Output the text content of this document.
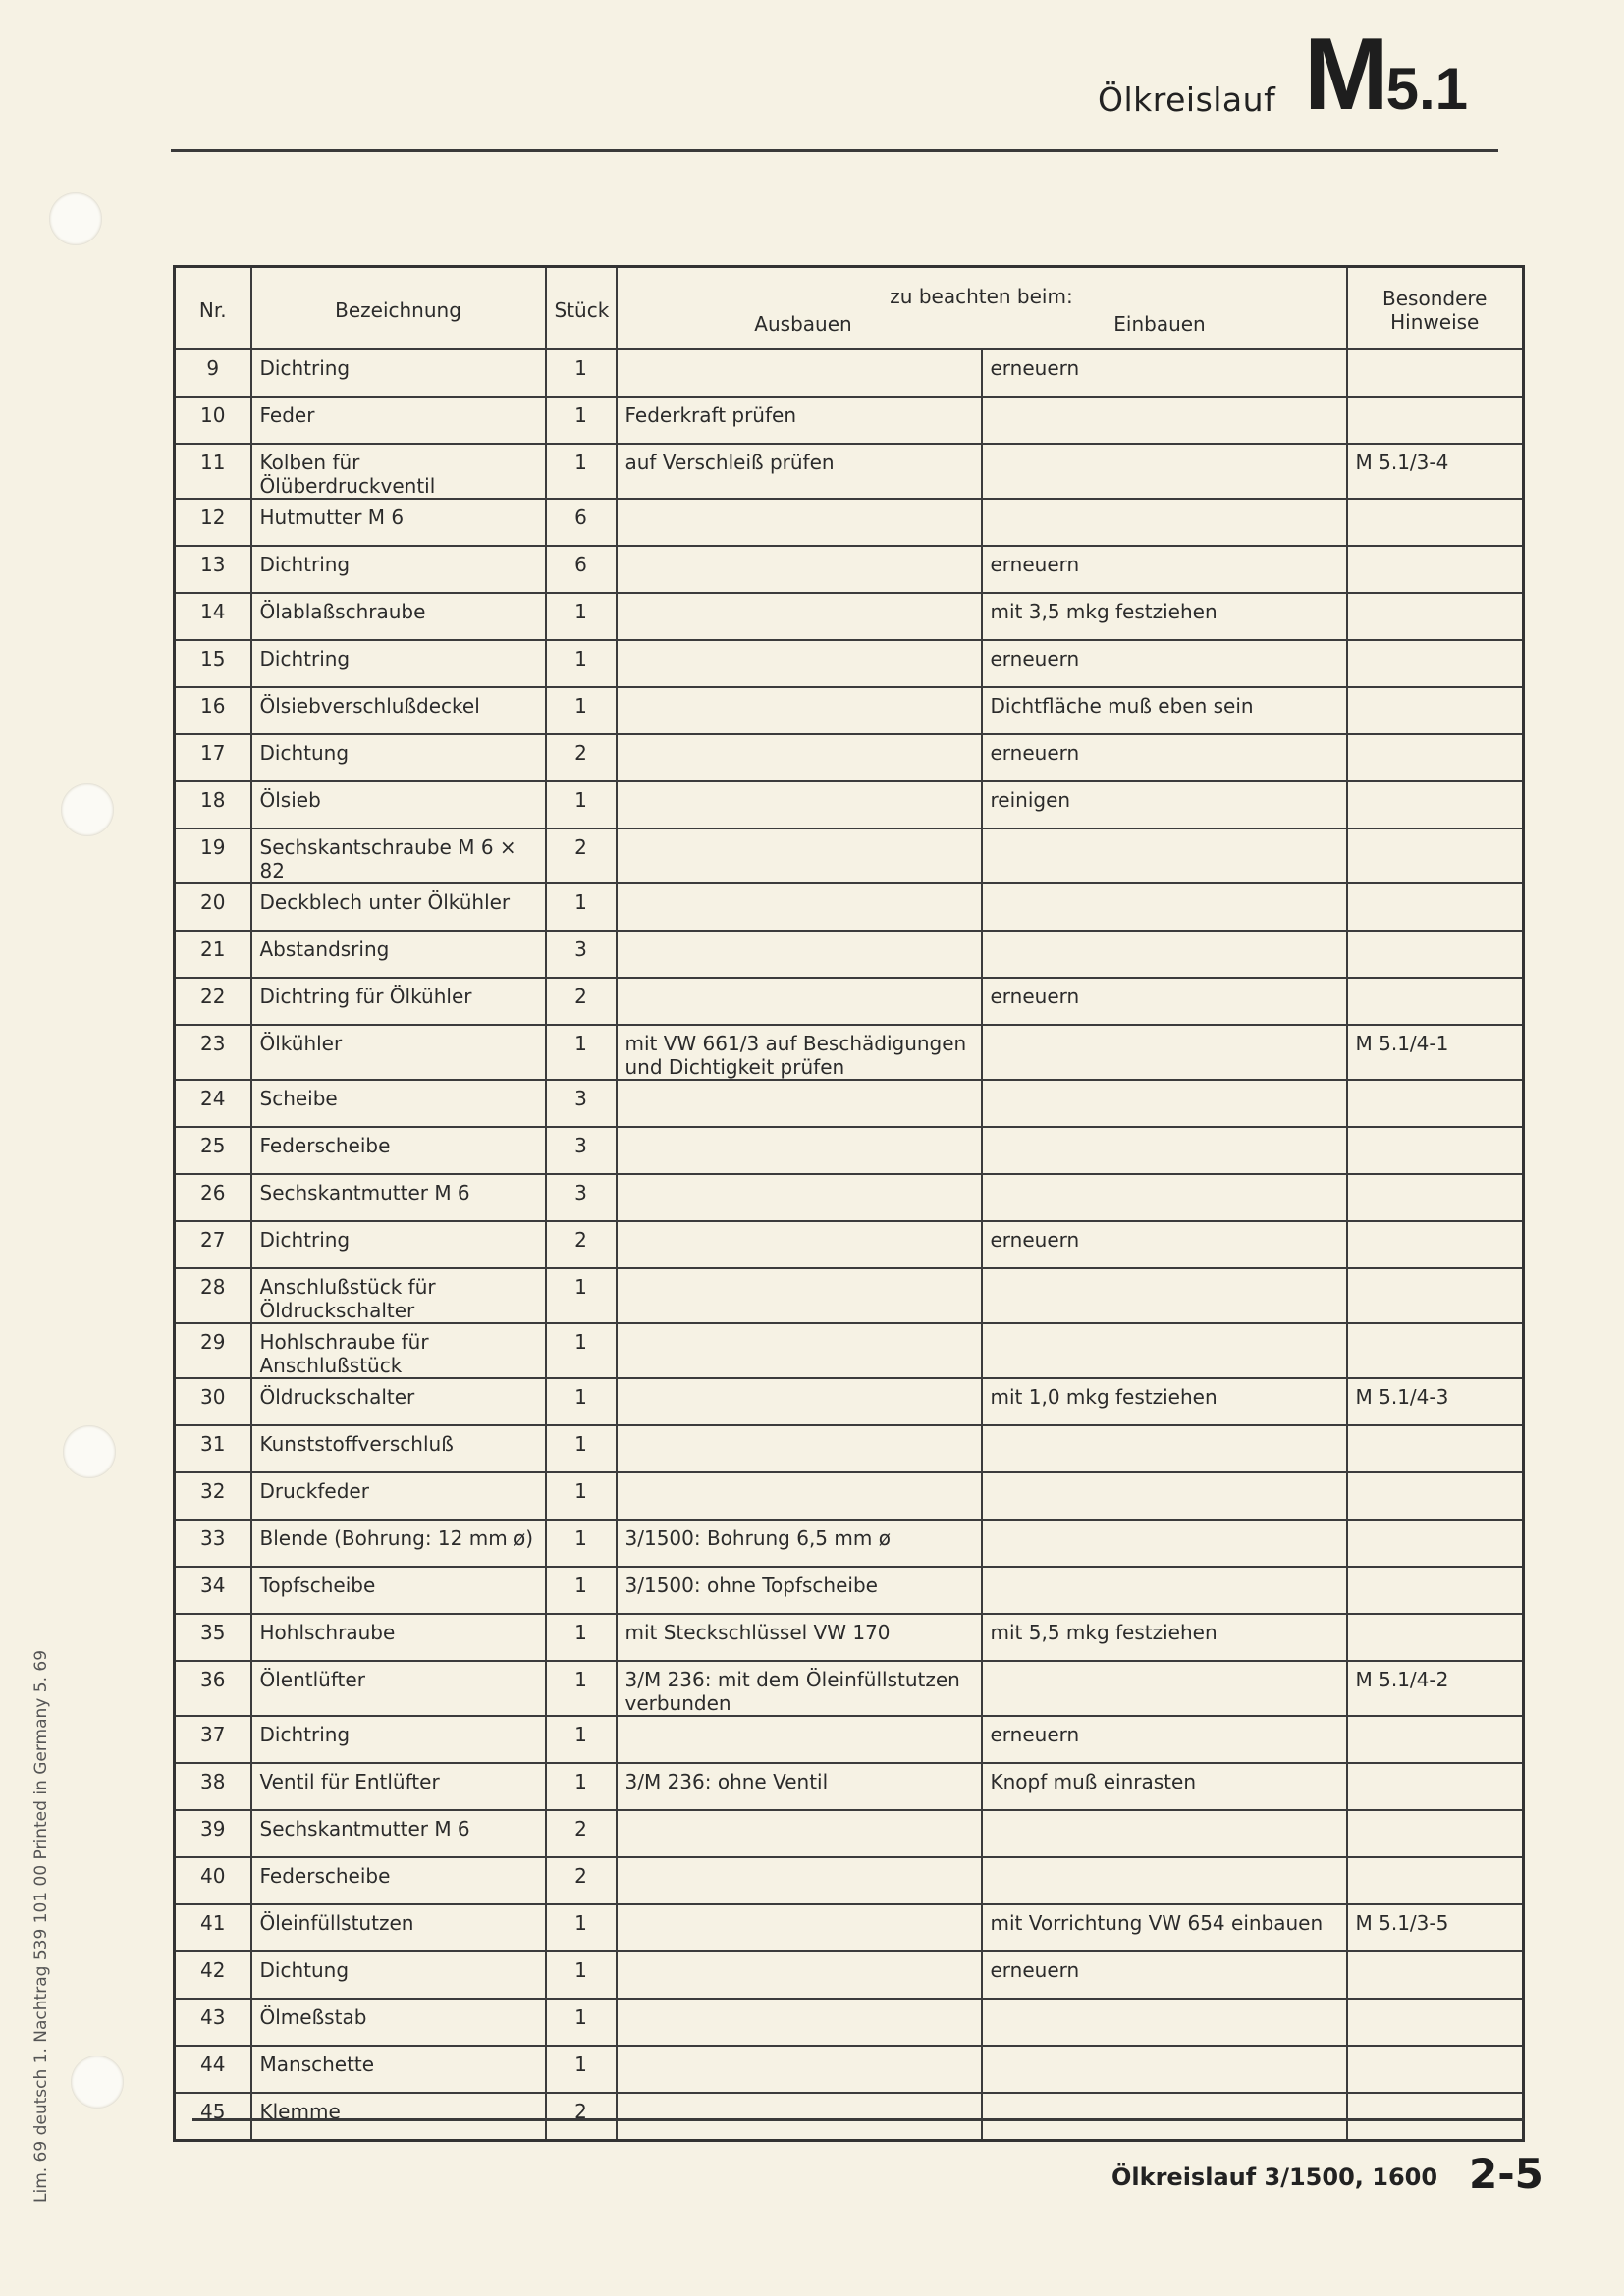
Ölkreislauf M5.1
Nr.	Bezeichnung	Stück	zu beachten beim:
Ausbauen Einbauen		Besondere Hinweise
9	Dichtring	1		erneuern	
10	Feder	1	Federkraft prüfen		
11	Kolben für Ölüberdruckventil	1	auf Verschleiß prüfen		M 5.1/3-4
12	Hutmutter M 6	6			
13	Dichtring	6		erneuern	
14	Ölablaßschraube	1		mit 3,5 mkg festziehen	
15	Dichtring	1		erneuern	
16	Ölsiebverschlußdeckel	1		Dichtfläche muß eben sein	
17	Dichtung	2		erneuern	
18	Ölsieb	1		reinigen	
19	Sechskantschraube M 6 × 82	2			
20	Deckblech unter Ölkühler	1			
21	Abstandsring	3			
22	Dichtring für Ölkühler	2		erneuern	
23	Ölkühler	1	mit VW 661/3 auf Beschädigungen und Dichtigkeit prüfen		M 5.1/4-1
24	Scheibe	3			
25	Federscheibe	3			
26	Sechskantmutter M 6	3			
27	Dichtring	2		erneuern	
28	Anschlußstück für Öldruckschalter	1			
29	Hohlschraube für Anschlußstück	1			
30	Öldruckschalter	1		mit 1,0 mkg festziehen	M 5.1/4-3
31	Kunststoffverschluß	1			
32	Druckfeder	1			
33	Blende (Bohrung: 12 mm ø)	1	3/1500: Bohrung 6,5 mm ø		
34	Topfscheibe	1	3/1500: ohne Topfscheibe		
35	Hohlschraube	1	mit Steckschlüssel VW 170	mit 5,5 mkg festziehen	
36	Ölentlüfter	1	3/M 236: mit dem Öleinfüllstutzen verbunden		M 5.1/4-2
37	Dichtring	1		erneuern	
38	Ventil für Entlüfter	1	3/M 236: ohne Ventil	Knopf muß einrasten	
39	Sechskantmutter M 6	2			
40	Federscheibe	2			
41	Öleinfüllstutzen	1		mit Vorrichtung VW 654 einbauen	M 5.1/3-5
42	Dichtung	1		erneuern	
43	Ölmeßstab	1			
44	Manschette	1			
45	Klemme	2			
Ölkreislauf 3/1500, 1600 2-5
Lim. 69 deutsch 1. Nachtrag 539 101 00 Printed in Germany 5. 69
